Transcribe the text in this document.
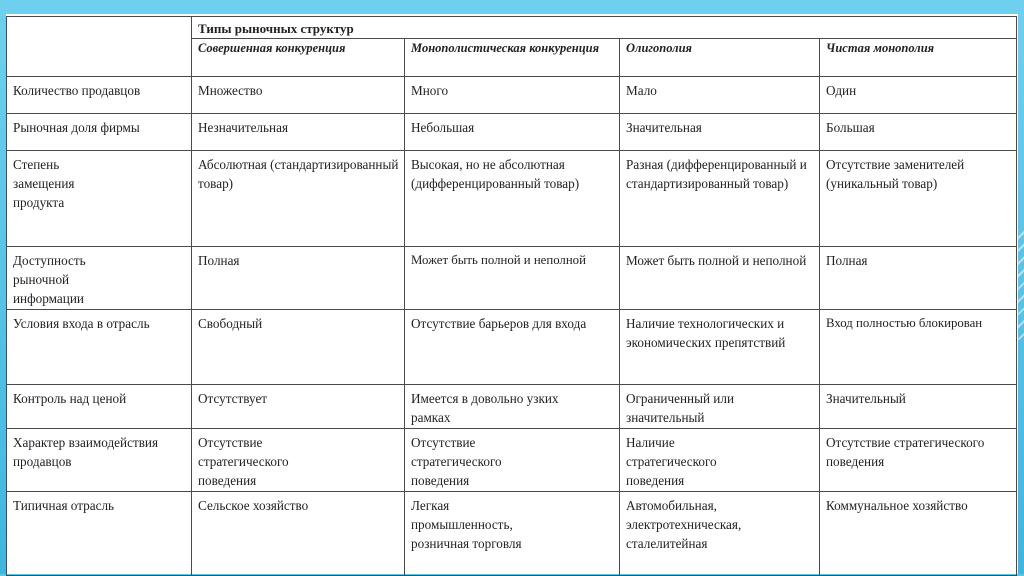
	Типы рыночных структур			
	Совершенная конкуренция	Монополистическая конкуренция	Олигополия	Чистая монополия
Количество продавцов	Множество	Много	Мало	Один
Рыночная доля фирмы	Незначительная	Небольшая	Значительная	Большая
Степень замещения продукта	Абсолютная (стандартизированный товар)	Высокая, но не абсолютная (дифференцированный товар)	Разная (дифференцированный и стандартизированный товар)	Отсутствие заменителей (уникальный товар)
Доступность рыночной информации	Полная	Может быть полной и неполной	Может быть полной и неполной	Полная
Условия входа в отрасль	Свободный	Отсутствие барьеров для входа	Наличие технологических и экономических препятствий	Вход полностью блокирован
Контроль над ценой	Отсутствует	Имеется в довольно узких рамках	Ограниченный или значительный	Значительный
Характер взаимодействия продавцов	Отсутствие стратегического поведения	Отсутствие стратегического поведения	Наличие стратегического поведения	Отсутствие стратегического поведения
Типичная отрасль	Сельское хозяйство	Легкая промышленность, розничная торговля	Автомобильная, электротехническая, сталелитейная	Коммунальное хозяйство
